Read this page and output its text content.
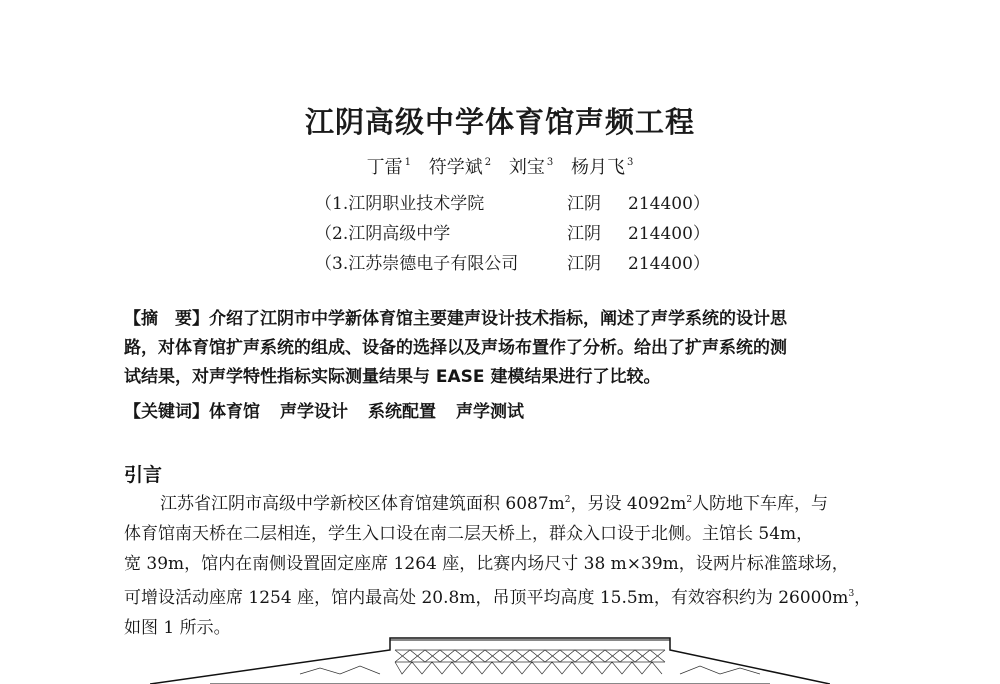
江阴高级中学体育馆声频工程
丁雷 $^1$ 符学斌 $^2$ 刘宝 $^3$ 杨月飞 $^3$
（1.江阴职业技术学院	江阴 214400）
（2.江阴高级中学	江阴 214400）
（3.江苏崇德电子有限公司	江阴 214400）
【摘　要】介绍了江阴市中学新体育馆主要建声设计技术指标，阐述了声学系统的设计思
路，对体育馆扩声系统的组成、设备的选择以及声场布置作了分析。给出了扩声系统的测
试结果，对声学特性指标实际测量结果与 EASE 建模结果进行了比较。
【关键词】体育馆 声学设计 系统配置 声学测试
引言
江苏省江阴市高级中学新校区体育馆建筑面积 $6087m^2$，另设 $4092m^2$人防地下车库，与
体育馆南天桥在二层相连，学生入口设在南二层天桥上，群众入口设于北侧。主馆长 54m，
宽 39m，馆内在南侧设置固定座席 1264 座，比赛内场尺寸 38 m×39m，设两片标准篮球场，
可增设活动座席 1254 座，馆内最高处 20.8m，吊顶平均高度 15.5m，有效容积约为 $26000m^3$，
如图 1 所示。
